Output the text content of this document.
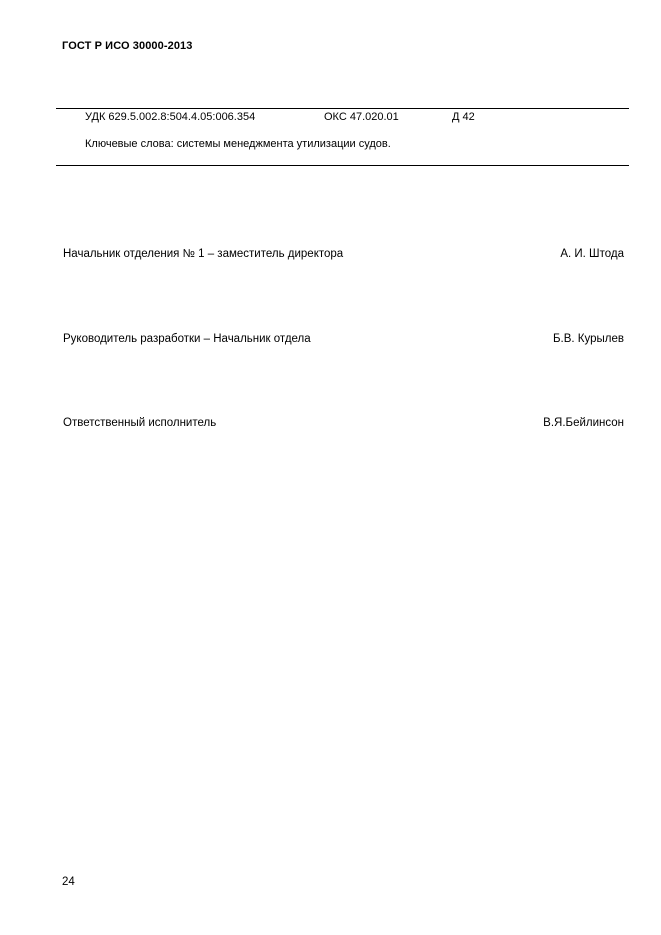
ГОСТ Р ИСО 30000-2013
УДК 629.5.002.8:504.4.05:006.354	ОКС 47.020.01	Д 42
Ключевые слова: системы менеджмента утилизации судов.
Начальник отделения № 1 – заместитель директора	А. И. Штода
Руководитель разработки – Начальник отдела	Б.В. Курылев
Ответственный исполнитель	В.Я.Бейлинсон
24
